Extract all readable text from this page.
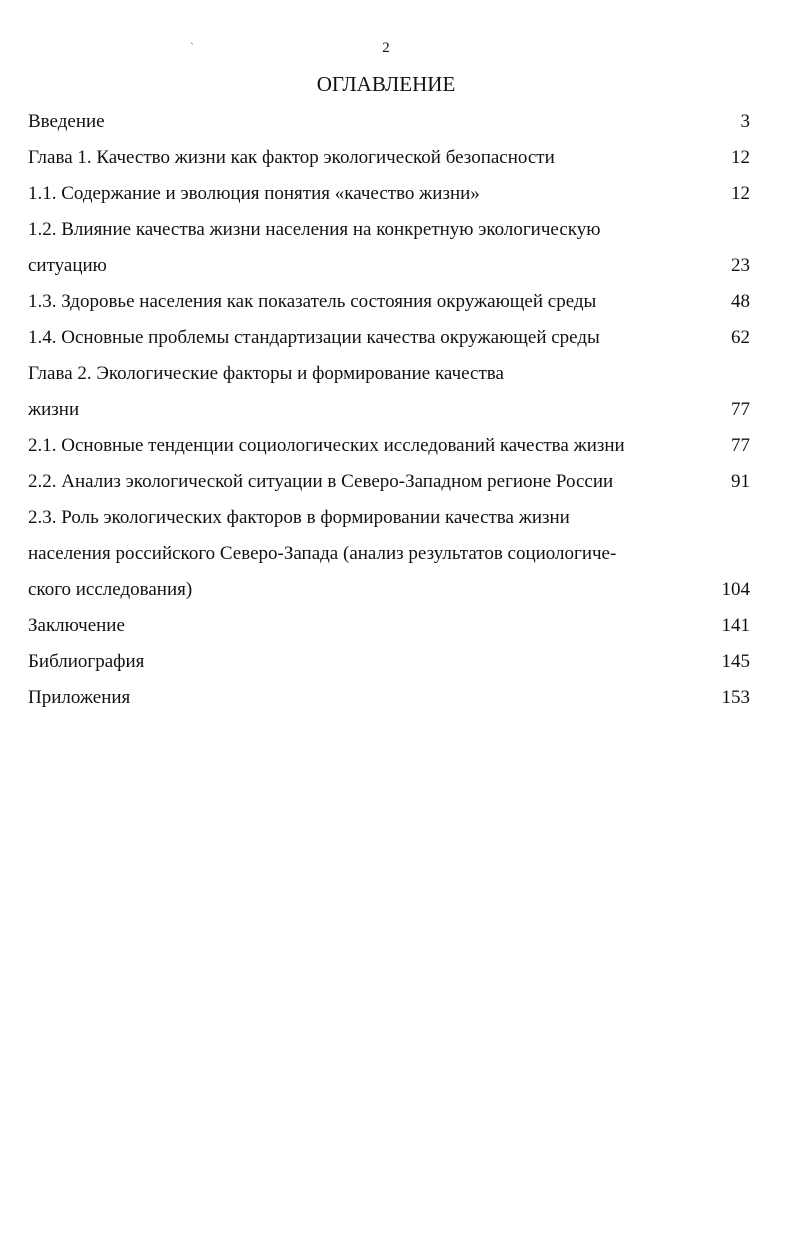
`	2
ОГЛАВЛЕНИЕ
Введение	3
Глава 1. Качество жизни как фактор экологической безопасности	12
1.1. Содержание и эволюция понятия «качество жизни»	12
1.2. Влияние качества жизни населения на конкретную экологическую
ситуацию	23
1.3. Здоровье населения как показатель состояния окружающей среды	48
1.4. Основные проблемы стандартизации качества окружающей среды	62
Глава 2. Экологические факторы и формирование качества
жизни	77
2.1. Основные тенденции социологических исследований качества жизни	77
2.2. Анализ экологической ситуации в Северо-Западном регионе России	91
2.3. Роль экологических факторов в формировании качества жизни
населения российского Северо-Запада (анализ результатов социологиче-
ского исследования)	104
Заключение	141
Библиография	145
Приложения	153
